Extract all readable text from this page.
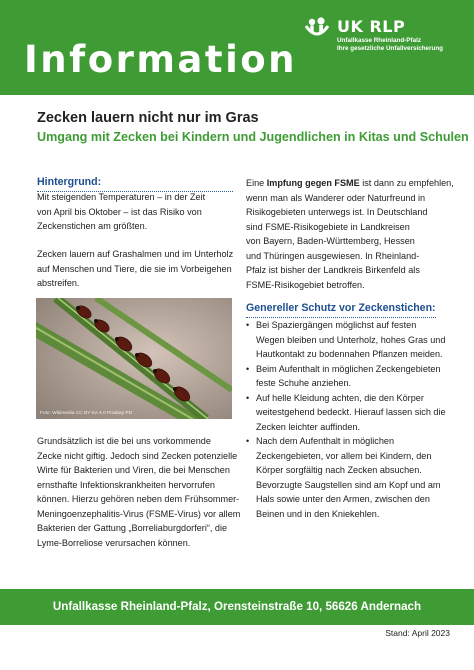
Information
UK RLP
Unfallkasse Rheinland-Pfalz
Ihre gesetzliche Unfallversicherung
Zecken lauern nicht nur im Gras
Umgang mit Zecken bei Kindern und Jugendlichen in Kitas und Schulen
Hintergrund:
Mit steigenden Temperaturen – in der Zeit
von April bis Oktober – ist das Risiko von
Zeckenstichen am größten.
Zecken lauern auf Grashalmen und im Unterholz
auf Menschen und Tiere, die sie im Vorbeigehen
abstreifen.
Foto: Wikimedia CC BY-SA 4.0 Pixabay PD
Grundsätzlich ist die bei uns vorkommende
Zecke nicht giftig. Jedoch sind Zecken potenzielle
Wirte für Bakterien und Viren, die bei Menschen
ernsthafte Infektionskrankheiten hervorrufen
können. Hierzu gehören neben dem Frühsommer-
Meningoenzephalitis-Virus (FSME-Virus) vor allem
Bakterien der Gattung „Borreliaburgdorferi“, die
Lyme-Borreliose verursachen können.
Eine Impfung gegen FSME ist dann zu empfehlen,
wenn man als Wanderer oder Naturfreund in
Risikogebieten unterwegs ist. In Deutschland
sind FSME-Risikogebiete in Landkreisen
von Bayern, Baden-Württemberg, Hessen
und Thüringen ausgewiesen. In Rheinland-
Pfalz ist bisher der Landkreis Birkenfeld als
FSME-Risikogebiet betroffen.
Genereller Schutz vor Zeckenstichen:
• Bei Spaziergängen möglichst auf festen
Wegen bleiben und Unterholz, hohes Gras und
Hautkontakt zu bodennahen Pflanzen meiden.
• Beim Aufenthalt in möglichen Zeckengebieten
feste Schuhe anziehen.
• Auf helle Kleidung achten, die den Körper
weitestgehend bedeckt. Hierauf lassen sich die
Zecken leichter auffinden.
• Nach dem Aufenthalt in möglichen
Zeckengebieten, vor allem bei Kindern, den
Körper sorgfältig nach Zecken absuchen.
Bevorzugte Saugstellen sind am Kopf und am
Hals sowie unter den Armen, zwischen den
Beinen und in den Kniekehlen.
Unfallkasse Rheinland-Pfalz, Orensteinstraße 10, 56626 Andernach
Stand: April 2023
